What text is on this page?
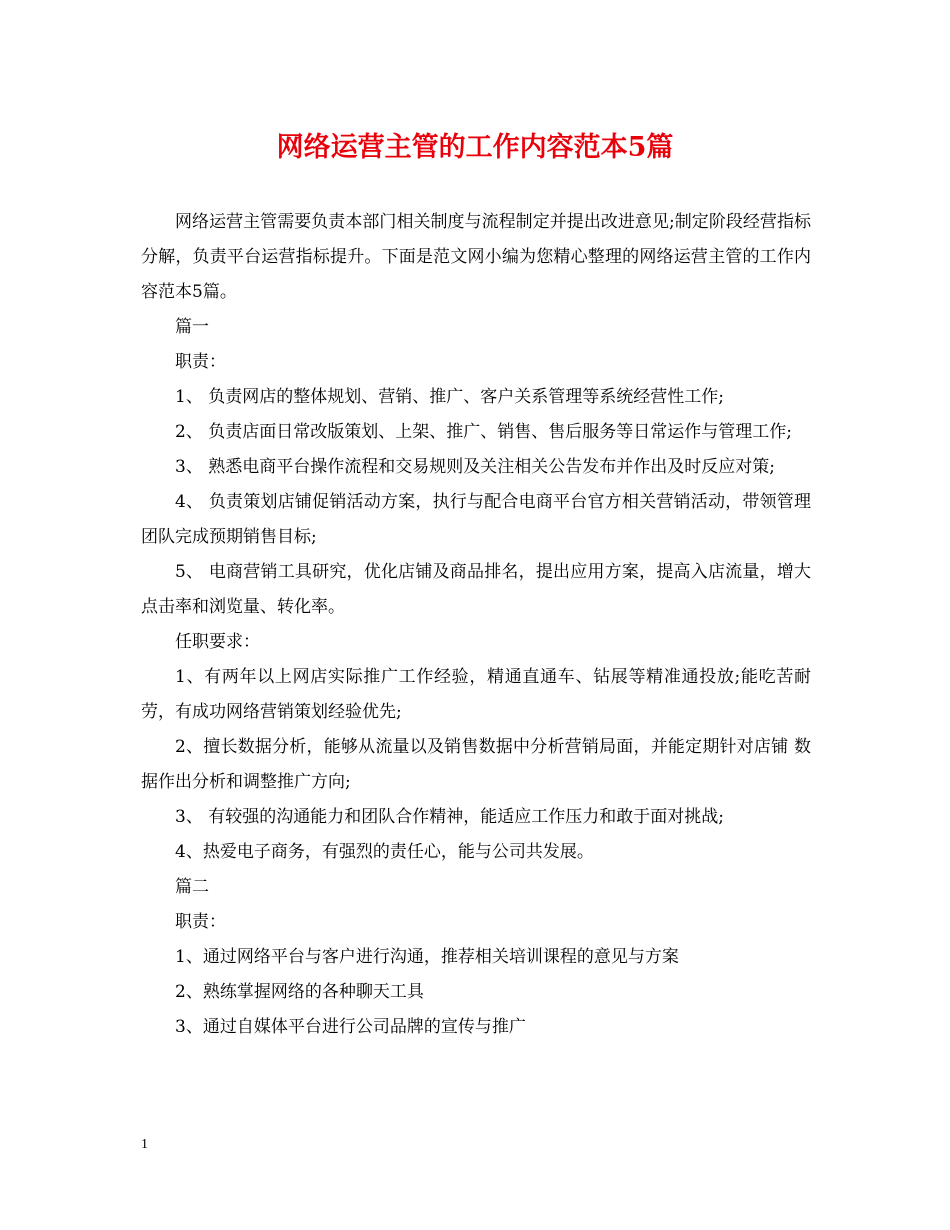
网络运营主管的工作内容范本5篇

网络运营主管需要负责本部门相关制度与流程制定并提出改进意见;制定阶段经营指标分解，负责平台运营指标提升。下面是范文网小编为您精心整理的网络运营主管的工作内容范本5篇。

篇一

职责：

1、 负责网店的整体规划、营销、推广、客户关系管理等系统经营性工作;

2、 负责店面日常改版策划、上架、推广、销售、售后服务等日常运作与管理工作;

3、 熟悉电商平台操作流程和交易规则及关注相关公告发布并作出及时反应对策;

4、 负责策划店铺促销活动方案，执行与配合电商平台官方相关营销活动，带领管理团队完成预期销售目标;

5、 电商营销工具研究，优化店铺及商品排名，提出应用方案，提高入店流量，增大点击率和浏览量、转化率。

任职要求：

1、有两年以上网店实际推广工作经验，精通直通车、钻展等精准通投放;能吃苦耐劳，有成功网络营销策划经验优先;

2、擅长数据分析，能够从流量以及销售数据中分析营销局面，并能定期针对店铺 数据作出分析和调整推广方向;

3、 有较强的沟通能力和团队合作精神，能适应工作压力和敢于面对挑战;

4、热爱电子商务，有强烈的责任心，能与公司共发展。

篇二

职责：

1、通过网络平台与客户进行沟通，推荐相关培训课程的意见与方案

2、熟练掌握网络的各种聊天工具

3、通过自媒体平台进行公司品牌的宣传与推广

1
